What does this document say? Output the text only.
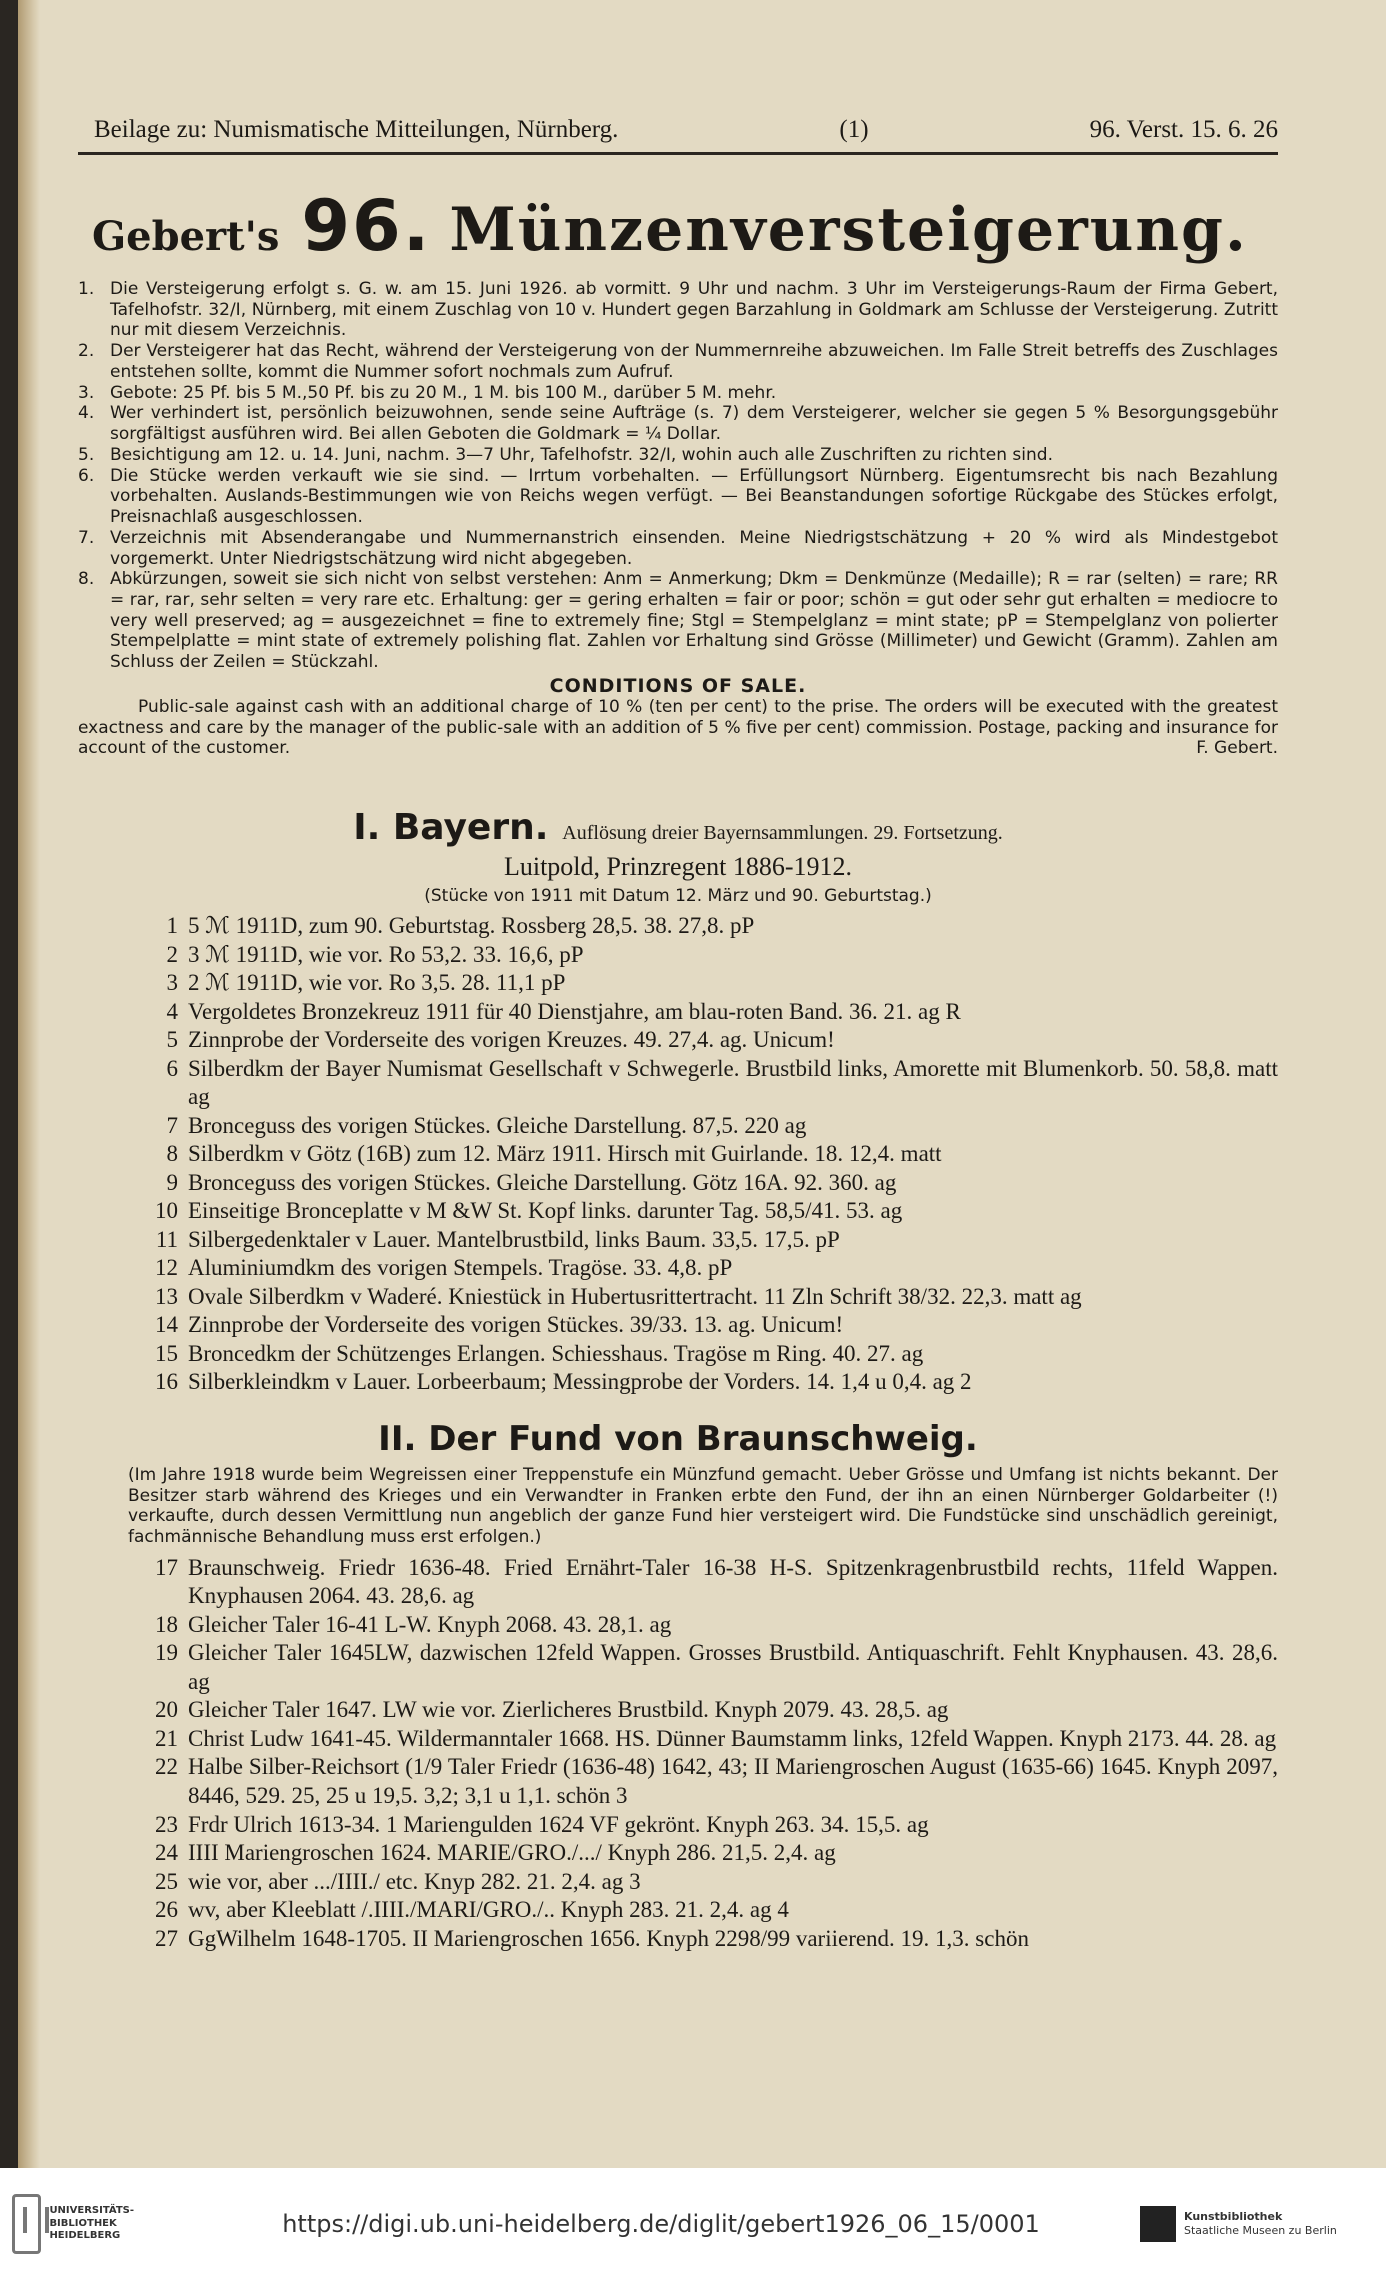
Beilage zu: Numismatische Mitteilungen, Nürnberg.	(1)	96. Verst. 15. 6. 26
Gebert's 96. Münzenversteigerung.
1. Die Versteigerung erfolgt s. G. w. am 15. Juni 1926. ab vormitt. 9 Uhr und nachm. 3 Uhr im Versteigerungs-Raum der Firma Gebert, Tafelhofstr. 32/I, Nürnberg, mit einem Zuschlag von 10 v. Hundert gegen Barzahlung in Goldmark am Schlusse der Versteigerung. Zutritt nur mit diesem Verzeichnis.
2. Der Versteigerer hat das Recht, während der Versteigerung von der Nummernreihe abzuweichen. Im Falle Streit betreffs des Zuschlages entstehen sollte, kommt die Nummer sofort nochmals zum Aufruf.
3. Gebote: 25 Pf. bis 5 M.,50 Pf. bis zu 20 M., 1 M. bis 100 M., darüber 5 M. mehr.
4. Wer verhindert ist, persönlich beizuwohnen, sende seine Aufträge (s. 7) dem Versteigerer, welcher sie gegen 5 % Besorgungsgebühr sorgfältigst ausführen wird. Bei allen Geboten die Goldmark = ¼ Dollar.
5. Besichtigung am 12. u. 14. Juni, nachm. 3—7 Uhr, Tafelhofstr. 32/I, wohin auch alle Zuschriften zu richten sind.
6. Die Stücke werden verkauft wie sie sind. — Irrtum vorbehalten. — Erfüllungsort Nürnberg. Eigentumsrecht bis nach Bezahlung vorbehalten. Auslands-Bestimmungen wie von Reichs wegen verfügt. — Bei Beanstandungen sofortige Rückgabe des Stückes erfolgt, Preisnachlaß ausgeschlossen.
7. Verzeichnis mit Absenderangabe und Nummernanstrich einsenden. Meine Niedrigstschätzung + 20 % wird als Mindestgebot vorgemerkt. Unter Niedrigstschätzung wird nicht abgegeben.
8. Abkürzungen, soweit sie sich nicht von selbst verstehen: Anm = Anmerkung; Dkm = Denkmünze (Medaille); R = rar (selten) = rare; RR = rar, rar, sehr selten = very rare etc. Erhaltung: ger = gering erhalten = fair or poor; schön = gut oder sehr gut erhalten = mediocre to very well preserved; ag = ausgezeichnet = fine to extremely fine; Stgl = Stempelglanz = mint state; pP = Stempelglanz von polierter Stempelplatte = mint state of extremely polishing flat. Zahlen vor Erhaltung sind Grösse (Millimeter) und Gewicht (Gramm). Zahlen am Schluss der Zeilen = Stückzahl.
CONDITIONS OF SALE.
Public-sale against cash with an additional charge of 10 % (ten per cent) to the prise. The orders will be executed with the greatest exactness and care by the manager of the public-sale with an addition of 5 % five per cent) commission. Postage, packing and insurance for account of the customer.	F. Gebert.
I. Bayern. Auflösung dreier Bayernsammlungen. 29. Fortsetzung.
Luitpold, Prinzregent 1886-1912.
(Stücke von 1911 mit Datum 12. März und 90. Geburtstag.)
1 5 ℳ 1911D, zum 90. Geburtstag. Rossberg 28,5. 38. 27,8. pP
2 3 ℳ 1911D, wie vor. Ro 53,2. 33. 16,6, pP
3 2 ℳ 1911D, wie vor. Ro 3,5. 28. 11,1 pP
4 Vergoldetes Bronzekreuz 1911 für 40 Dienstjahre, am blau-roten Band. 36. 21. ag R
5 Zinnprobe der Vorderseite des vorigen Kreuzes. 49. 27,4. ag. Unicum!
6 Silberdkm der Bayer Numismat Gesellschaft v Schwegerle. Brustbild links, Amorette mit Blumenkorb. 50. 58,8. matt ag
7 Bronceguss des vorigen Stückes. Gleiche Darstellung. 87,5. 220 ag
8 Silberdkm v Götz (16B) zum 12. März 1911. Hirsch mit Guirlande. 18. 12,4. matt
9 Bronceguss des vorigen Stückes. Gleiche Darstellung. Götz 16A. 92. 360. ag
10 Einseitige Bronceplatte v M &W St. Kopf links. darunter Tag. 58,5/41. 53. ag
11 Silbergedenktaler v Lauer. Mantelbrustbild, links Baum. 33,5. 17,5. pP
12 Aluminiumdkm des vorigen Stempels. Tragöse. 33. 4,8. pP
13 Ovale Silberdkm v Waderé. Kniestück in Hubertusrittertracht. 11 Zln Schrift 38/32. 22,3. matt ag
14 Zinnprobe der Vorderseite des vorigen Stückes. 39/33. 13. ag. Unicum!
15 Broncedkm der Schützenges Erlangen. Schiesshaus. Tragöse m Ring. 40. 27. ag
16 Silberkleindkm v Lauer. Lorbeerbaum; Messingprobe der Vorders. 14. 1,4 u 0,4. ag 2
II. Der Fund von Braunschweig.
(Im Jahre 1918 wurde beim Wegreissen einer Treppenstufe ein Münzfund gemacht. Ueber Grösse und Umfang ist nichts bekannt. Der Besitzer starb während des Krieges und ein Verwandter in Franken erbte den Fund, der ihn an einen Nürnberger Goldarbeiter (!) verkaufte, durch dessen Vermittlung nun angeblich der ganze Fund hier versteigert wird. Die Fundstücke sind unschädlich gereinigt, fachmännische Behandlung muss erst erfolgen.)
17 Braunschweig. Friedr 1636-48. Fried Ernährt-Taler 16-38 H-S. Spitzenkragenbrustbild rechts, 11feld Wappen. Knyphausen 2064. 43. 28,6. ag
18 Gleicher Taler 16-41 L-W. Knyph 2068. 43. 28,1. ag
19 Gleicher Taler 1645LW, dazwischen 12feld Wappen. Grosses Brustbild. Antiquaschrift. Fehlt Knyphausen. 43. 28,6. ag
20 Gleicher Taler 1647. LW wie vor. Zierlicheres Brustbild. Knyph 2079. 43. 28,5. ag
21 Christ Ludw 1641-45. Wildermanntaler 1668. HS. Dünner Baumstamm links, 12feld Wappen. Knyph 2173. 44. 28. ag
22 Halbe Silber-Reichsort (1/9 Taler Friedr (1636-48) 1642, 43; II Mariengroschen August (1635-66) 1645. Knyph 2097, 8446, 529. 25, 25 u 19,5. 3,2; 3,1 u 1,1. schön 3
23 Frdr Ulrich 1613-34. 1 Mariengulden 1624 VF gekrönt. Knyph 263. 34. 15,5. ag
24 IIII Mariengroschen 1624. MARIE/GRO./.../ Knyph 286. 21,5. 2,4. ag
25 wie vor, aber .../IIII./ etc. Knyp 282. 21. 2,4. ag 3
26 wv, aber Kleeblatt /.IIII./MARI/GRO./.. Knyph 283. 21. 2,4. ag 4
27 GgWilhelm 1648-1705. II Mariengroschen 1656. Knyph 2298/99 variierend. 19. 1,3. schön
UNIVERSITÄTS-BIBLIOTHEK HEIDELBERG	https://digi.ub.uni-heidelberg.de/diglit/gebert1926_06_15/0001	Kunstbibliothek
Staatliche Museen zu Berlin
